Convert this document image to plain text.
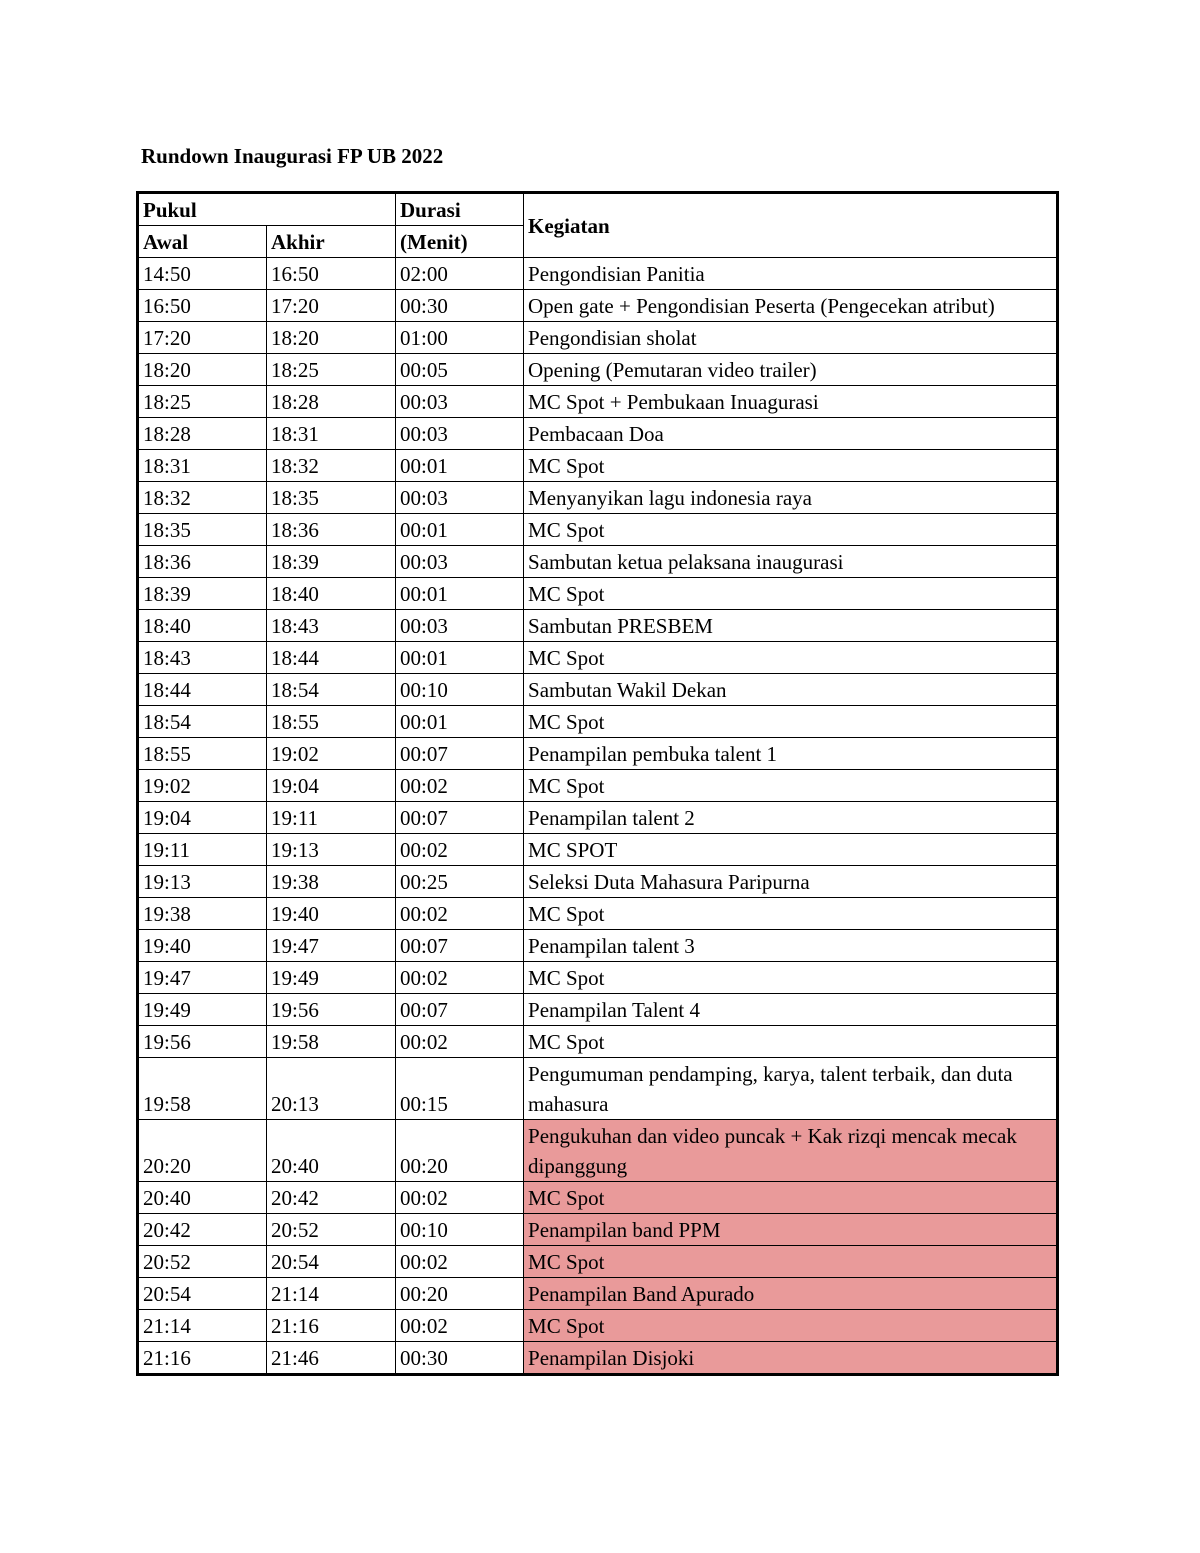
Rundown Inaugurasi FP UB 2022
Pukul		Durasi	Kegiatan
Awal	Akhir	(Menit)	
14:50	16:50	02:00	Pengondisian Panitia
16:50	17:20	00:30	Open gate + Pengondisian Peserta (Pengecekan atribut)
17:20	18:20	01:00	Pengondisian sholat
18:20	18:25	00:05	Opening (Pemutaran video trailer)
18:25	18:28	00:03	MC Spot + Pembukaan Inuagurasi
18:28	18:31	00:03	Pembacaan Doa
18:31	18:32	00:01	MC Spot
18:32	18:35	00:03	Menyanyikan lagu indonesia raya
18:35	18:36	00:01	MC Spot
18:36	18:39	00:03	Sambutan ketua pelaksana inaugurasi
18:39	18:40	00:01	MC Spot
18:40	18:43	00:03	Sambutan PRESBEM
18:43	18:44	00:01	MC Spot
18:44	18:54	00:10	Sambutan Wakil Dekan
18:54	18:55	00:01	MC Spot
18:55	19:02	00:07	Penampilan pembuka talent 1
19:02	19:04	00:02	MC Spot
19:04	19:11	00:07	Penampilan talent 2
19:11	19:13	00:02	MC SPOT
19:13	19:38	00:25	Seleksi Duta Mahasura Paripurna
19:38	19:40	00:02	MC Spot
19:40	19:47	00:07	Penampilan talent 3
19:47	19:49	00:02	MC Spot
19:49	19:56	00:07	Penampilan Talent 4
19:56	19:58	00:02	MC Spot
19:58	20:13	00:15	Pengumuman pendamping, karya, talent terbaik, dan duta mahasura
20:20	20:40	00:20	Pengukuhan dan video puncak + Kak rizqi mencak mecak dipanggung
20:40	20:42	00:02	MC Spot
20:42	20:52	00:10	Penampilan band PPM
20:52	20:54	00:02	MC Spot
20:54	21:14	00:20	Penampilan Band Apurado
21:14	21:16	00:02	MC Spot
21:16	21:46	00:30	Penampilan Disjoki
